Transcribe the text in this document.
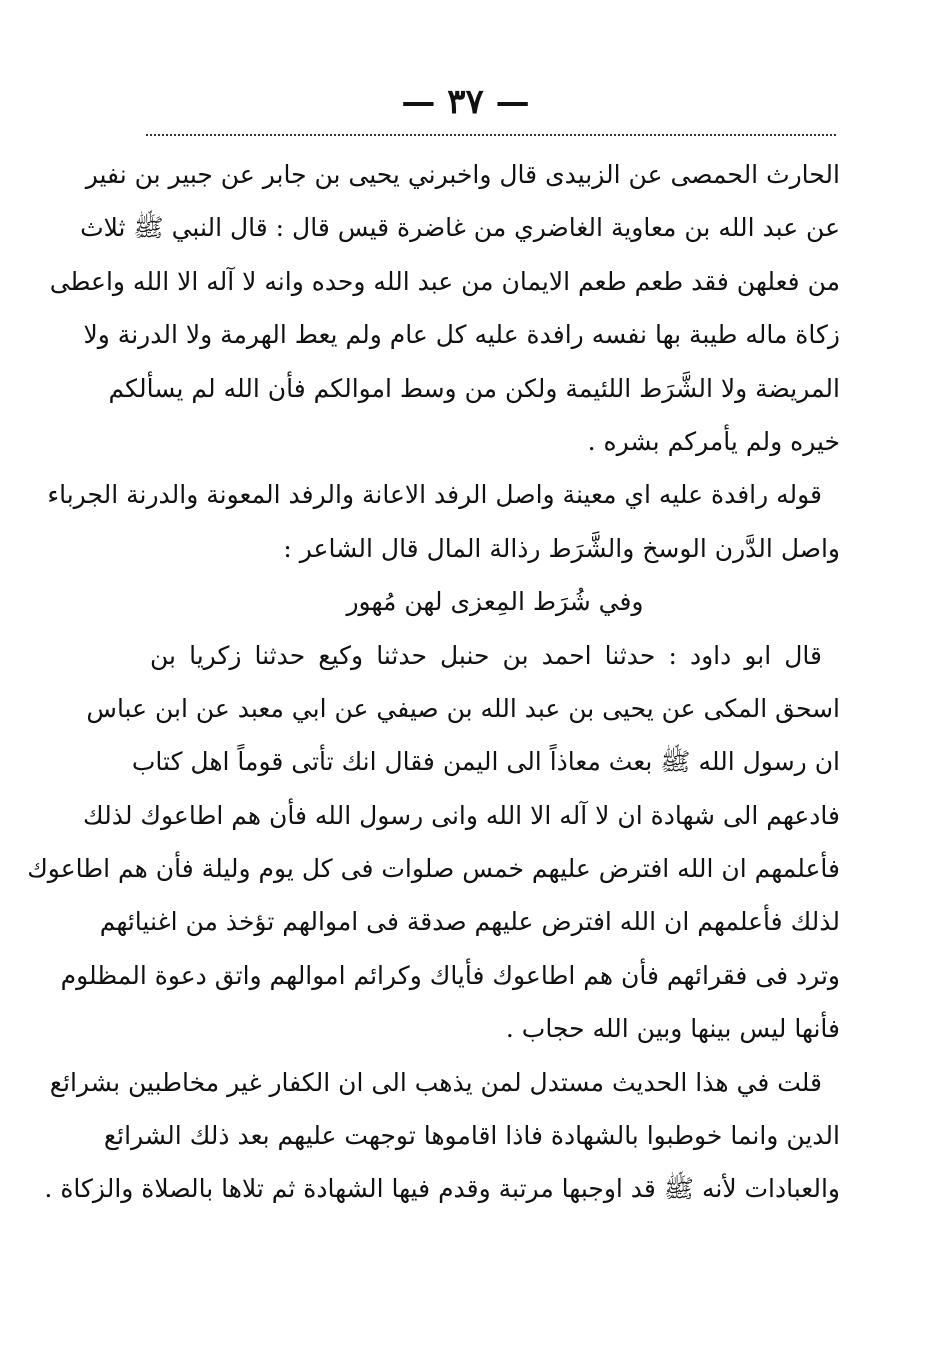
— ٣٧ —
الحارث الحمصى عن الزبيدى قال واخبرني يحيى بن جابر عن جبير بن نفير
عن عبد الله بن معاوية الغاضري من غاضرة قيس قال : قال النبي ﷺ ثلاث
من فعلهن فقد طعم طعم الايمان من عبد الله وحده وانه لا آله الا الله واعطى
زكاة ماله طيبة بها نفسه رافدة عليه كل عام ولم يعط الهرمة ولا الدرنة ولا
المريضة ولا الشَّرَط اللئيمة ولكن من وسط اموالكم فأن الله لم يسألكم
خيره ولم يأمركم بشره .
قوله رافدة عليه اي معينة واصل الرفد الاعانة والرفد المعونة والدرنة الجرباء
واصل الدَّرن الوسخ والشَّرَط رذالة المال قال الشاعر :
وفي شُرَط المِعزى لهن مُهور
قال ابو داود : حدثنا احمد بن حنبل حدثنا وكيع حدثنا زكريا بن
اسحق المكى عن يحيى بن عبد الله بن صيفي عن ابي معبد عن ابن عباس
ان رسول الله ﷺ بعث معاذاً الى اليمن فقال انك تأتى قوماً اهل كتاب
فادعهم الى شهادة ان لا آله الا الله وانى رسول الله فأن هم اطاعوك لذلك
فأعلمهم ان الله افترض عليهم خمس صلوات فى كل يوم وليلة فأن هم اطاعوك
لذلك فأعلمهم ان الله افترض عليهم صدقة فى اموالهم تؤخذ من اغنيائهم
وترد فى فقرائهم فأن هم اطاعوك فأياك وكرائم اموالهم واتق دعوة المظلوم
فأنها ليس بينها وبين الله حجاب .
قلت في هذا الحديث مستدل لمن يذهب الى ان الكفار غير مخاطبين بشرائع
الدين وانما خوطبوا بالشهادة فاذا اقاموها توجهت عليهم بعد ذلك الشرائع
والعبادات لأنه ﷺ قد اوجبها مرتبة وقدم فيها الشهادة ثم تلاها بالصلاة والزكاة .
